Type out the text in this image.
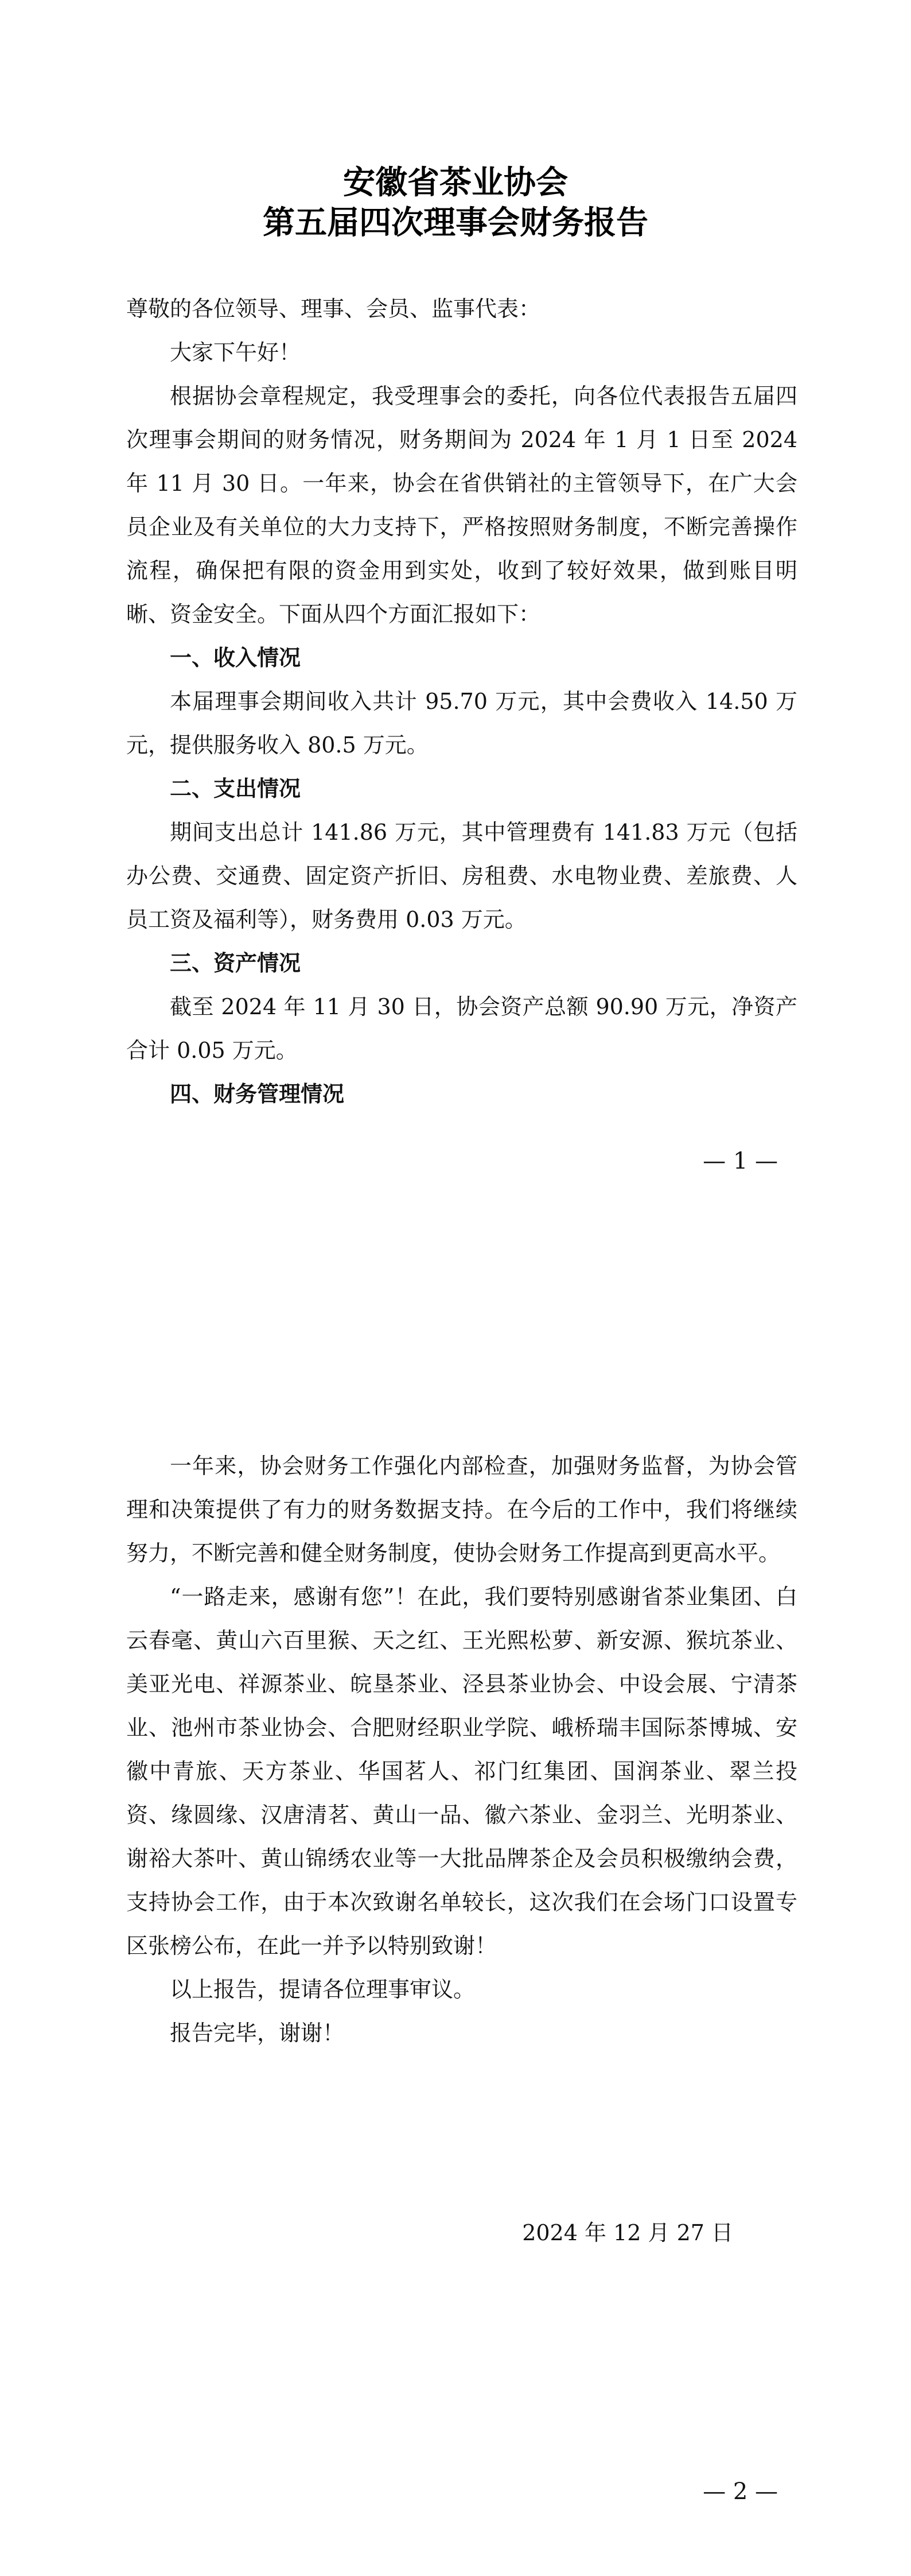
安徽省茶业协会
第五届四次理事会财务报告

尊敬的各位领导、理事、会员、监事代表：

大家下午好！

根据协会章程规定，我受理事会的委托，向各位代表报告五届四次理事会期间的财务情况，财务期间为 2024 年 1 月 1 日至 2024 年 11 月 30 日。一年来，协会在省供销社的主管领导下，在广大会员企业及有关单位的大力支持下，严格按照财务制度，不断完善操作流程，确保把有限的资金用到实处，收到了较好效果，做到账目明晰、资金安全。下面从四个方面汇报如下：

一、收入情况

本届理事会期间收入共计 95.70 万元，其中会费收入 14.50 万元，提供服务收入 80.5 万元。

二、支出情况

期间支出总计 141.86 万元，其中管理费有 141.83 万元（包括办公费、交通费、固定资产折旧、房租费、水电物业费、差旅费、人员工资及福利等），财务费用 0.03 万元。

三、资产情况

截至 2024 年 11 月 30 日，协会资产总额 90.90 万元，净资产合计 0.05 万元。

四、财务管理情况

— 1 —

一年来，协会财务工作强化内部检查，加强财务监督，为协会管理和决策提供了有力的财务数据支持。在今后的工作中，我们将继续努力，不断完善和健全财务制度，使协会财务工作提高到更高水平。

“一路走来，感谢有您”！在此，我们要特别感谢省茶业集团、白云春毫、黄山六百里猴、天之红、王光熙松萝、新安源、猴坑茶业、美亚光电、祥源茶业、皖垦茶业、泾县茶业协会、中设会展、宁清茶业、池州市茶业协会、合肥财经职业学院、峨桥瑞丰国际茶博城、安徽中青旅、天方茶业、华国茗人、祁门红集团、国润茶业、翠兰投资、缘圆缘、汉唐清茗、黄山一品、徽六茶业、金羽兰、光明茶业、谢裕大茶叶、黄山锦绣农业等一大批品牌茶企及会员积极缴纳会费，支持协会工作，由于本次致谢名单较长，这次我们在会场门口设置专区张榜公布，在此一并予以特别致谢！

以上报告，提请各位理事审议。

报告完毕，谢谢！

2024 年 12 月 27 日
— 2 —
